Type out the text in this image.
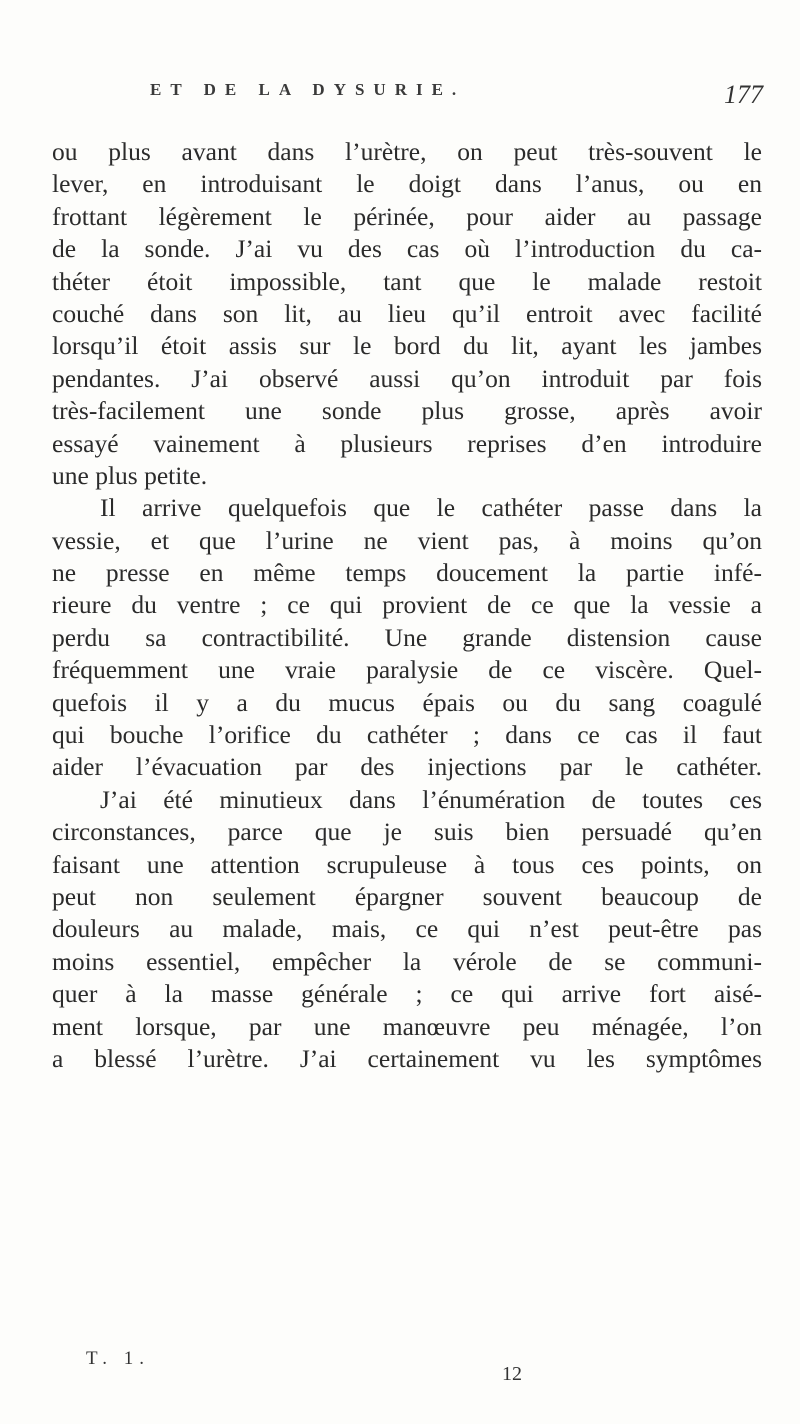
ET DE LA DYSURIE.	177
ou plus avant dans l’urètre, on peut très-souvent le
lever, en introduisant le doigt dans l’anus, ou en
frottant légèrement le périnée, pour aider au passage
de la sonde. J’ai vu des cas où l’introduction du ca-
théter étoit impossible, tant que le malade restoit
couché dans son lit, au lieu qu’il entroit avec facilité
lorsqu’il étoit assis sur le bord du lit, ayant les jambes
pendantes. J’ai observé aussi qu’on introduit par fois
très-facilement une sonde plus grosse, après avoir
essayé vainement à plusieurs reprises d’en introduire
une plus petite.
Il arrive quelquefois que le cathéter passe dans la
vessie, et que l’urine ne vient pas, à moins qu’on
ne presse en même temps doucement la partie infé-
rieure du ventre ; ce qui provient de ce que la vessie a
perdu sa contractibilité. Une grande distension cause
fréquemment une vraie paralysie de ce viscère. Quel-
quefois il y a du mucus épais ou du sang coagulé
qui bouche l’orifice du cathéter ; dans ce cas il faut
aider l’évacuation par des injections par le cathéter.
J’ai été minutieux dans l’énumération de toutes ces
circonstances, parce que je suis bien persuadé qu’en
faisant une attention scrupuleuse à tous ces points, on
peut non seulement épargner souvent beaucoup de
douleurs au malade, mais, ce qui n’est peut-être pas
moins essentiel, empêcher la vérole de se communi-
quer à la masse générale ; ce qui arrive fort aisé-
ment lorsque, par une manœuvre peu ménagée, l’on
a blessé l’urètre. J’ai certainement vu les symptômes
T. 1.
12
